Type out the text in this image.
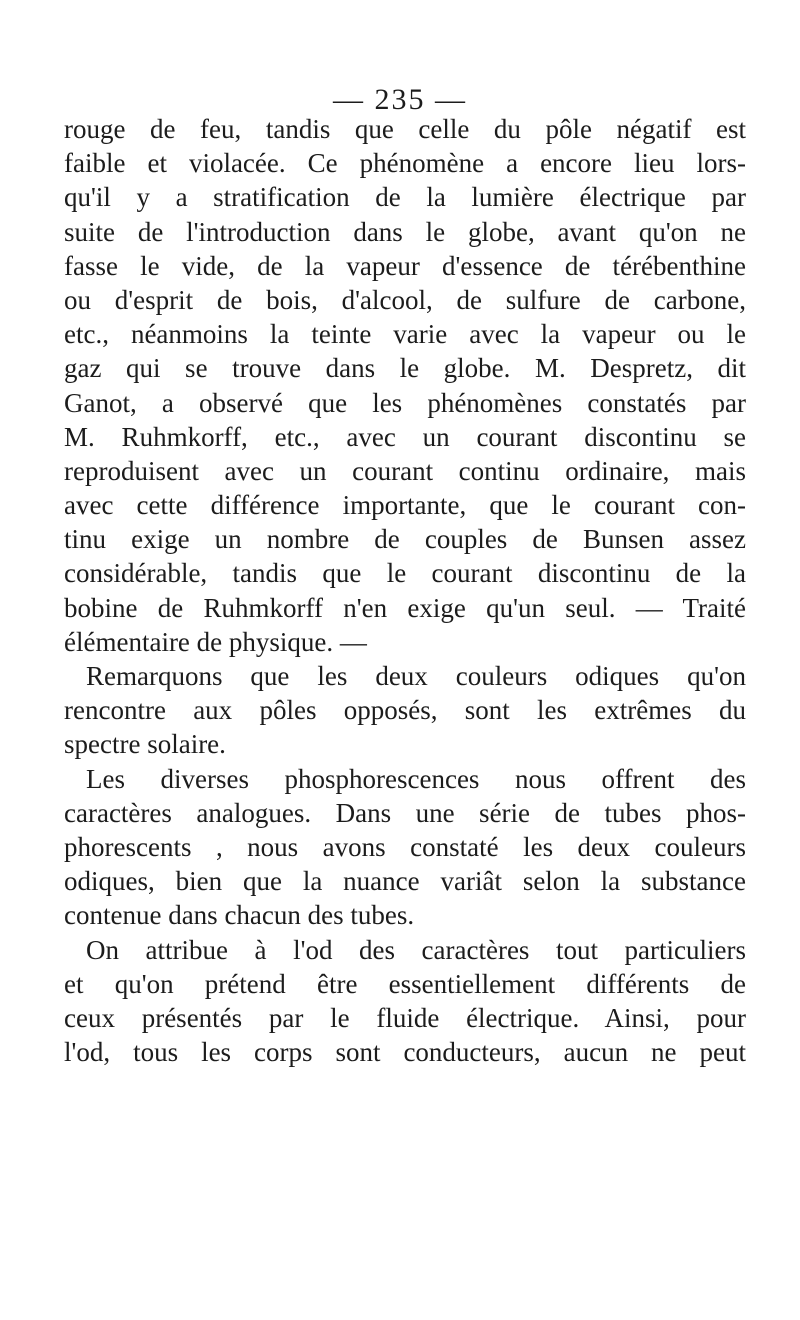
— 235 —
rouge de feu, tandis que celle du pôle négatif est
faible et violacée. Ce phénomène a encore lieu lors-
qu'il y a stratification de la lumière électrique par
suite de l'introduction dans le globe, avant qu'on ne
fasse le vide, de la vapeur d'essence de térébenthine
ou d'esprit de bois, d'alcool, de sulfure de carbone,
etc., néanmoins la teinte varie avec la vapeur ou le
gaz qui se trouve dans le globe. M. Despretz, dit
Ganot, a observé que les phénomènes constatés par
M. Ruhmkorff, etc., avec un courant discontinu se
reproduisent avec un courant continu ordinaire, mais
avec cette différence importante, que le courant con-
tinu exige un nombre de couples de Bunsen assez
considérable, tandis que le courant discontinu de la
bobine de Ruhmkorff n'en exige qu'un seul. — Traité
élémentaire de physique. —
Remarquons que les deux couleurs odiques qu'on
rencontre aux pôles opposés, sont les extrêmes du
spectre solaire.
Les diverses phosphorescences nous offrent des
caractères analogues. Dans une série de tubes phos-
phorescents , nous avons constaté les deux couleurs
odiques, bien que la nuance variât selon la substance
contenue dans chacun des tubes.
On attribue à l'od des caractères tout particuliers
et qu'on prétend être essentiellement différents de
ceux présentés par le fluide électrique. Ainsi, pour
l'od, tous les corps sont conducteurs, aucun ne peut
